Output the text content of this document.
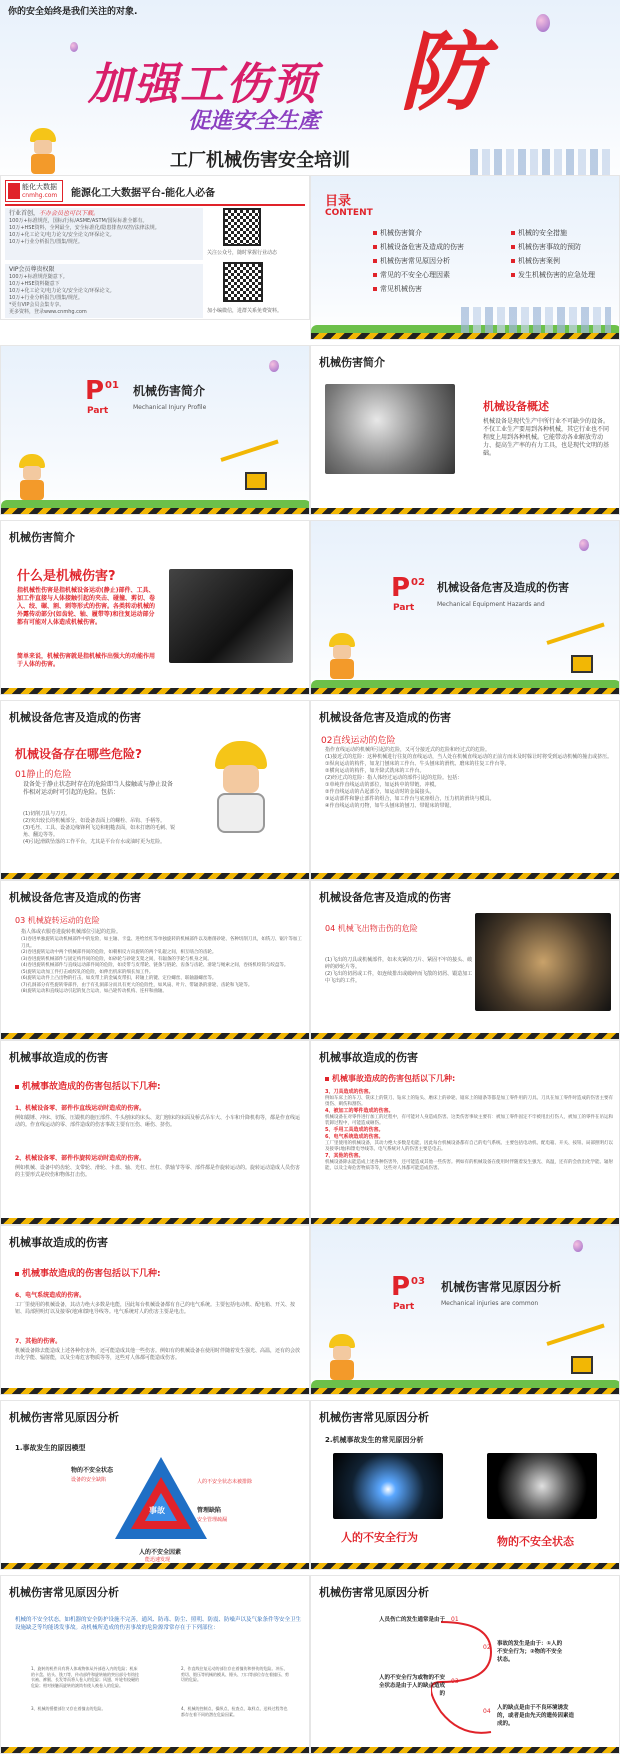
你的安全始终是我们关注的对象.
加强工伤预 防
促進安全生產
工厂机械伤害安全培训
能化大数据
cnmhg.com 能源化工大数据平台-能化人必备
行业首创，不办会员也可以下载。
100万+标准规范，国标/行标/ASME/ASTM/国际标准全都有。
10万+HSE资料，全网最全，安全标准化/隐患排查/双控/法律法规。
10万+化工论文/电力论文/安全论文/环保论文。
10万+行业分析报告/图集/规范。
VIP会员尊贵权限
100万+标准规范随意下。
10万+HSE资料随意下
10万+化工论文/电力论文/安全论文/环保论文。
10万+行业分析报告/图集/规范。
*更有VIP会员会集专享。
更多资料，登录www.cnmhg.com
关注公众号，随时掌握行业动态
加小编微信，进群关系免费资料。
目录
CONTENT
机械伤害简介
机械设备危害及造成的伤害
机械伤害常见原因分析
常见的不安全心理因素
常见机械伤害
机械的安全措施
机械伤害事故的预防
机械伤害案例
发生机械伤害的应急处理
P 01
Part
机械伤害简介
Mechanical Injury Profile
机械伤害简介
机械设备概述
机械设备是现代生产中所行业不可缺少的设备。不仅工业生产要用到各种机械，其它行业也不同程度上用到各种机械。它能带动各业解放劳动力、提高生产率的有力工具，也是现代文明的基础。
机械伤害简介
什么是机械伤害?
指机械性伤害是指机械设备运动(静止)部件、工具、加工件直接与人体接触引起的夹击、碰撞、剪切、卷入、绞、碾、割、刺等形式的伤害。各类转动机械的外露传动部分(如齿轮、轴、履带等)和往复运动部分都有可能对人体造成机械伤害。
简单来说，机械伤害就是指机械作出强大的功能作用于人体的伤害。
P 02
Part
机械设备危害及造成的伤害
Mechanical Equipment Hazards and
机械设备危害及造成的伤害
机械设备存在哪些危险?
01静止的危险
设备处于静止状态时存在的危险即当人接触或与静止设备作相对运动时可引起的危险。包括：
(1)切削刀具与刀刃。
(2)突出较长的机械部分，如设备表面上的螺栓、吊钩、手柄等。
(3)毛坯、工具、设备边缘锋利飞边和粗糙表面，如未打磨的毛刺、锐角、翻边等等。
(4)引起滑跌坠落的工作平台，尤其是平台有水或油时更为危险。
机械设备危害及造成的伤害
02直线运动的危险
指作直线运动的机械所引起的危险，又可分接近式的危险和经过式的危险。
(1)接近式的危险：这种机械进行往复的直线运动，当人处在机械直线运动的正前方而未及时躲让时将受到运动机械的撞击或挤压。
①纵向运动的构件，如龙门刨床的工作台、牛头刨床的滑枕、磨床的往复工作台等。
②横向运动的构件，如升降式铣床的工作台。
(2)经过式的危险：指人体经过运动的部件引起的危险。包括：
①单纯作直线运动的部位，如运转中的带链、冲模。
②作直线运动的凸起部分，如运动时的金属接头。
③运动部件和静止部件的组合，如工作台与底座组合，压力机的滑块与模具。
④作直线运动的刃物，如牛头刨床的刨刀、带锯床的带锯。
机械设备危害及造成的伤害
03 机械旋转运动的危险
指人体或衣服卷进旋转机械部位引起的危险。
(1)卷进单独旋转运动机械部件中的危险，如主轴、卡盘、进给丝杠等单独旋转的机械部件以及磨削砂轮、各种切削刀具，如铣刀、锯片等加工刀具。
(2)卷进旋转运动中两个机械部件间的危险，如朝相反方向旋转的两个轧辊之间，相互啮合的齿轮。
(3)卷进旋转机械部件与固定构件间的危险，如砂轮与砂轮支架之间，有辐条的手轮与机身之间。
(4)卷进旋转机械部件与直线运动部件间的危险，如皮带与皮带轮、链条与链轮、齿条与齿轮、滑轮与绳索之间，卷扬机绞筒与绞盘等。
(5)旋转运动加工件打击或绞轧的危险，如伸出机床的细长加工件。
(6)旋转运动件上凸出物的打击，如皮带上的金属皮带扣，转轴上的键、定位螺丝、联轴器螺丝等。
(7)孔洞部分有些旋转零部件，由于有孔洞部分而具有更大的危险性，如风扇、叶片、带辐条的滑轮、齿轮和飞轮等。
(8)旋转运动和直线运动引起的复合运动，如凸轮传动机构、连杆和曲轴。
机械设备危害及造成的伤害
04 机械飞出物击伤的危险
(1)飞出的刀具或机械部件，如未夹紧的刀片、紧固不牢的接头、破碎的砂轮片等。
(2)飞出的切屑或工件，如连续排出或破碎而飞散的切屑、锻造加工中飞出的工件。
机械事故造成的伤害
机械事故造成的伤害包括以下几种:
1、机械设备零、部件作直线运动时造成的伤害。
例如锻锤、冲床、切钣、压锻机的施压部件、牛头刨床的床头、龙门刨床的床面及桥式吊车大、小车和升降机构等，都是作直线运动的。作直线运动的零、部件造成的伤害事故主要有压伤、砸伤、挤伤。
2、机械设备零、部件作旋转运动时造成的伤害。
例如机械、设备中的齿轮、支带轮、滑轮、卡盘、轴、光杠、丝杠、供轴节等零、部件都是作旋转运动的。旋转运动造成人员伤害的主要形式是绞伤和物体打击伤。
机械事故造成的伤害
机械事故造成的伤害包括以下几种:
3、刀具造成的伤害。
例如车床上的车刀、铣床上的铣刀、钻床上的钻头、磨床上的砂轮、锯床上的锯条等都是加工零件用的刀具。刀具在加工零件时造成的伤害主要有烫伤、刺伤和割伤。
4、被加工的零件造成的伤害。
机械设备在对零件进行加工的过程中，有可能对人身造成伤害。这类伤害事故主要有：被加工零件固定不牢被甩出打伤人，被加工的零件在吊运和装卸过程中，可能造成砸伤。
5、手用工具造成的伤害。
6、电气系统造成的伤害。
工厂里使用的机械设备，其动力绝大多数是电能，因此每台机械设备都有自己的电气系统。主要包括电动机、配电箱、开关、按钮、局部照明灯以及接零(地)和馈电导线等。电气系统对人的伤害主要是电击。
7、其他的伤害。
机械设备除去能造成上述各种伤害外，还可能造成其他一些伤害。例如有的机械设备在使用时伴随着发生强光、高温，还有的会放出化学能、辐射能，以及尘毒危害物质等等，这些对人体都可能造成伤害。
机械事故造成的伤害
机械事故造成的伤害包括以下几种:
6、电气系统造成的伤害。
工厂里使用的机械设备，其动力绝大多数是电能，因此每台机械设备都有自己的电气系统。主要包括电动机、配电箱、开关、按钮、局部照明灯以及接零(地)和馈电导线等。电气系统对人的伤害主要是电击。
7、其他的伤害。
机械设备除去能造成上述各种伤害外，还可能造成其他一些伤害。例如有的机械设备在使用时伴随着发生强光、高温，还有的会放出化学能、辐射能，以及尘毒危害物质等等，这些对人体都可能造成伤害。
P 03
Part
机械伤害常见原因分析
Mechanical injuries are common
机械伤害常见原因分析
1.事故发生的原因模型
事故
物的不安全状态
管理缺陷
人的不安全因素
设备的安全缺陷	人的不安全状态未被排除
安全管理疏漏
能迅速发现
机械伤害常见原因分析
2.机械事故发生的常见原因分析
人的不安全行为	物的不安全状态
机械伤害常见原因分析
机械的不安全状态，如机器的安全防护设施不完善，通风、防毒、防尘、照明、防震、防噪声以及气象条件等安全卫生设施缺乏等均能诱发事故。动机械所造成的伤害事故的危险源常常存在于下列部位：
1、旋转的机件具有将人体或物体从外部卷入内的危险；机床的卡盘、钻头、铣刀等，传动部件和旋转轴的突出部分有钩挂衣袖、裤腿、长发等而将人卷入的危险；风翅、叶轮有绞碾的危险；相对接触而旋转的滚筒有使人被卷入的危险。
2、作直线往复运动的部位存在着撞伤和挤伤的危险。冲压、剪切、锻压等机械的模具、锤头、刀口等部位存在着撞压、剪切的危险。
3、机械的摇摆部位又存在着撞击的危险。	4、机械的控制点、操纵点、检查点、取样点、送料过程等也都存在着不同的潜在危险因素。
机械伤害常见原因分析
人员伤亡的发生通常是由于 01
02 事故的发生是由于：①人的不安全行为；②物的不安全状态。
人的不安全行为或物的不安全状态是由于人的缺点造成的
03
04 人的缺点是由于不良环境诱发的，或者是由先天的遗传因素造成的。
